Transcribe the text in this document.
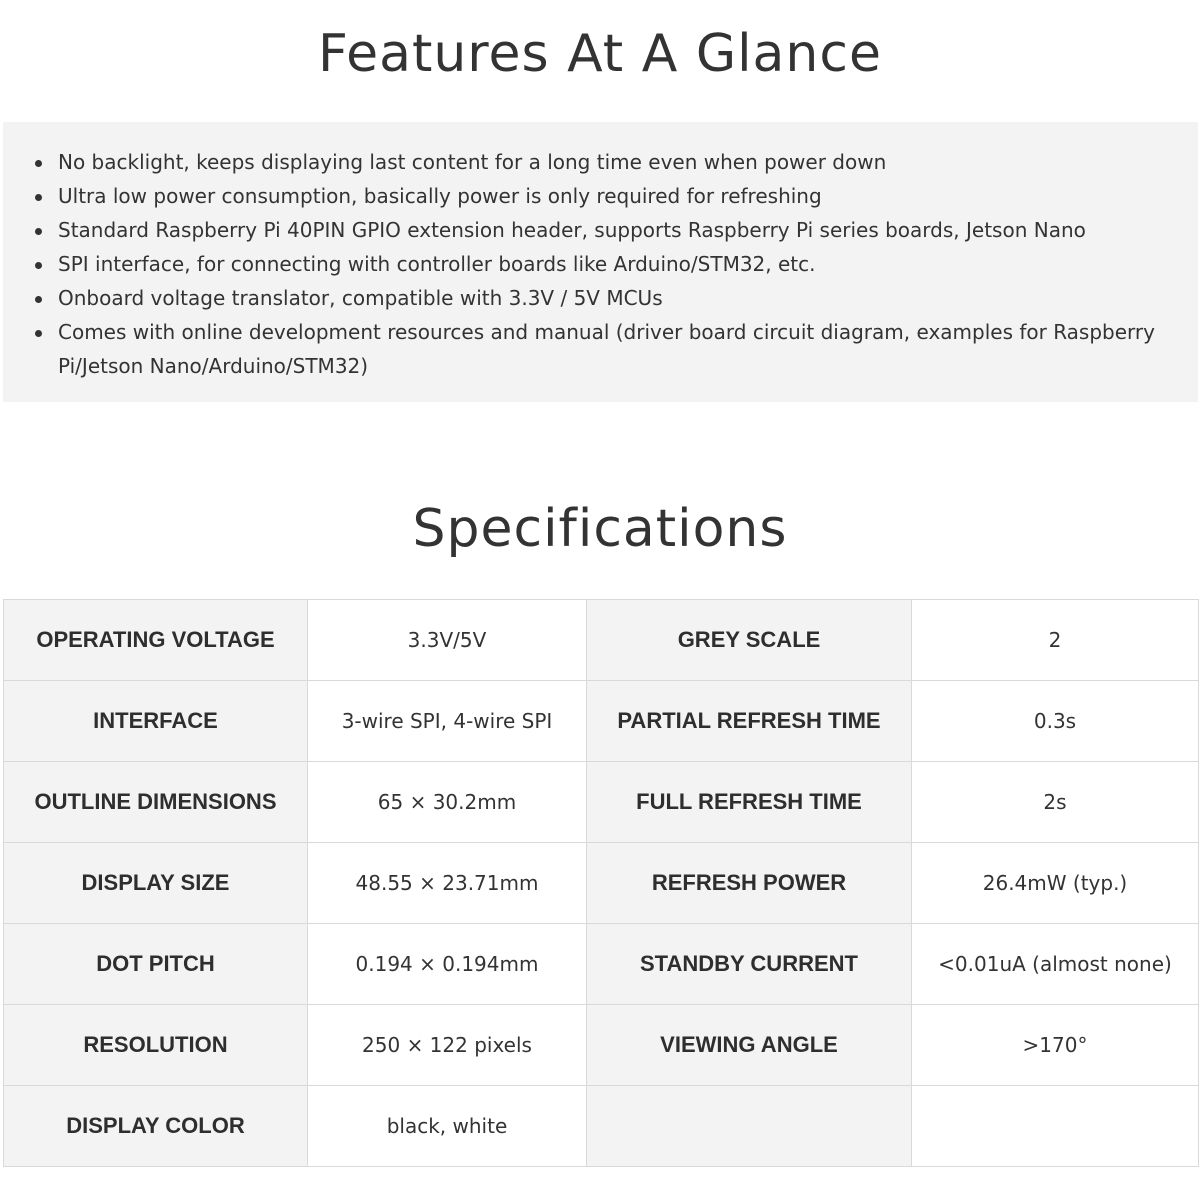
Features At A Glance
No backlight, keeps displaying last content for a long time even when power down
Ultra low power consumption, basically power is only required for refreshing
Standard Raspberry Pi 40PIN GPIO extension header, supports Raspberry Pi series boards, Jetson Nano
SPI interface, for connecting with controller boards like Arduino/STM32, etc.
Onboard voltage translator, compatible with 3.3V / 5V MCUs
Comes with online development resources and manual (driver board circuit diagram, examples for Raspberry Pi/Jetson Nano/Arduino/STM32)
Specifications
OPERATING VOLTAGE	3.3V/5V	GREY SCALE	2
INTERFACE	3-wire SPI, 4-wire SPI	PARTIAL REFRESH TIME	0.3s
OUTLINE DIMENSIONS	65 × 30.2mm	FULL REFRESH TIME	2s
DISPLAY SIZE	48.55 × 23.71mm	REFRESH POWER	26.4mW (typ.)
DOT PITCH	0.194 × 0.194mm	STANDBY CURRENT	<0.01uA (almost none)
RESOLUTION	250 × 122 pixels	VIEWING ANGLE	>170°
DISPLAY COLOR	black, white		
